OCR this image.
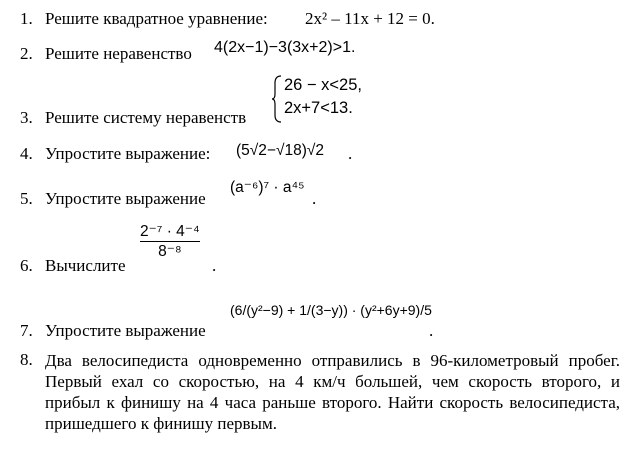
1. Решите квадратное уравнение: 2x² – 11x + 12 = 0.
2. Решите неравенство 4(2x−1)−3(3x+2)>1.
3. Решите систему неравенств
26 − x<25,
2x+7<13.
4. Упростите выражение: (5√2−√18)√2 .
5. Упростите выражение
(a⁻⁶)⁷ · a⁴⁵
.
6. Вычислите
2⁻⁷ · 4⁻⁴
8⁻⁸
.
7. Упростите выражение
(6/(y²−9) + 1/(3−y)) · (y²+6y+9)/5
.
8. Два велосипедиста одновременно отправились в 96-километровый пробег. Первый ехал со скоростью, на 4 км/ч большей, чем скорость второго, и прибыл к финишу на 4 часа раньше второго. Найти скорость велосипедиста, пришедшего к финишу первым.
